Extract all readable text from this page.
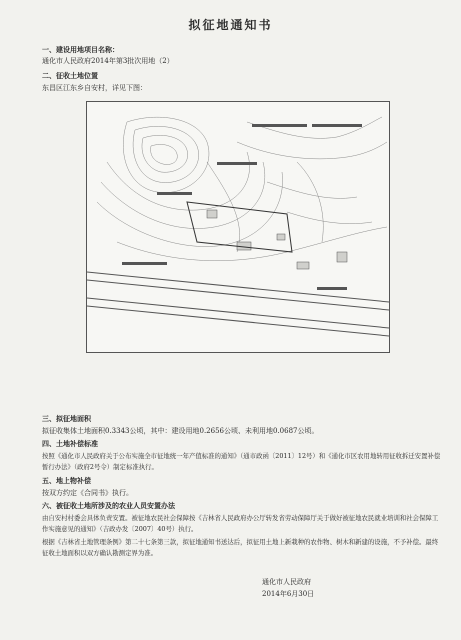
拟征地通知书
一、建设用地项目名称：
通化市人民政府2014年第3批次用地（2）
二、征收土地位置
东昌区江东乡自安村，详见下图：
三、拟征地面积
拟征收集体土地面积0.3343公顷，其中：建设用地0.2656公顷、未利用地0.0687公顷。
四、土地补偿标准
按照《通化市人民政府关于公布实施全市征地统一年产值标准的通知》（通市政函〔2011〕12号）和《通化市区农用地转用征收拆迁安置补偿暂行办法》（政府2号令）制定标准执行。
五、地上物补偿
按双方约定《合同书》执行。
六、被征收土地所涉及的农业人员安置办法
由自安村村委会具体负责安置。被征地农民社会保障按《吉林省人民政府办公厅转发省劳动保障厅关于做好被征地农民就业培训和社会保障工作实施意见的通知》（吉政办发〔2007〕40号）执行。
根据《吉林省土地管理条例》第二十七条第三款，拟征地通知书送达后，拟征用土地上新栽种的农作物、树木和新建的设施，不予补偿。最终征收土地面积以双方确认勘测定界为准。
通化市人民政府
2014年6月30日
